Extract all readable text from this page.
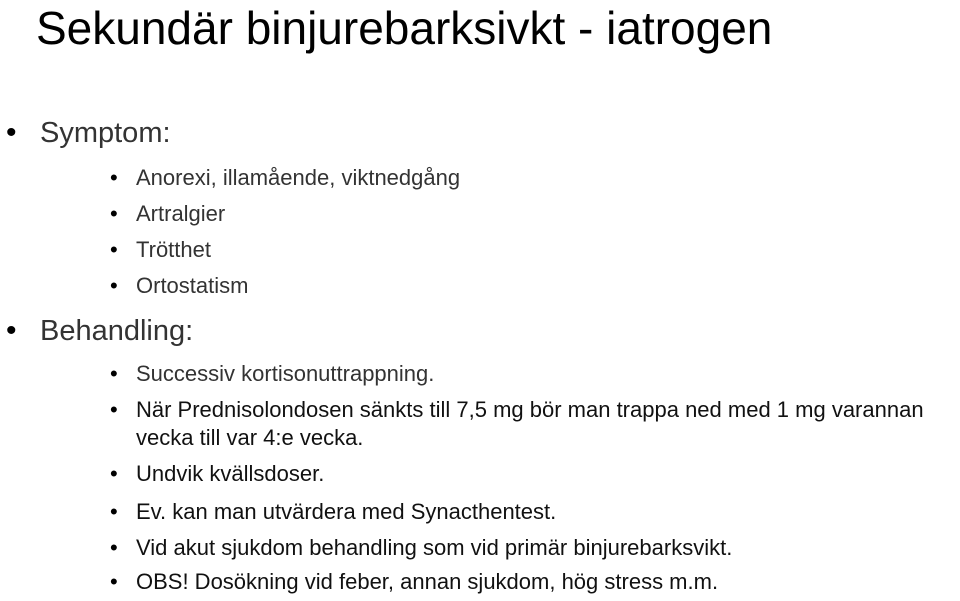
Sekundär binjurebarksivkt - iatrogen
• Symptom:
• Anorexi, illamående, viktnedgång
• Artralgier
• Trötthet
• Ortostatism
• Behandling:
• Successiv kortisonuttrappning.
• När Prednisolondosen sänkts till 7,5 mg bör man trappa ned med 1 mg varannan vecka till var 4:e vecka.
• Undvik kvällsdoser.
• Ev. kan man utvärdera med Synacthentest.
• Vid akut sjukdom behandling som vid primär binjurebarksvikt.
• OBS! Dosökning vid feber, annan sjukdom, hög stress m.m.
